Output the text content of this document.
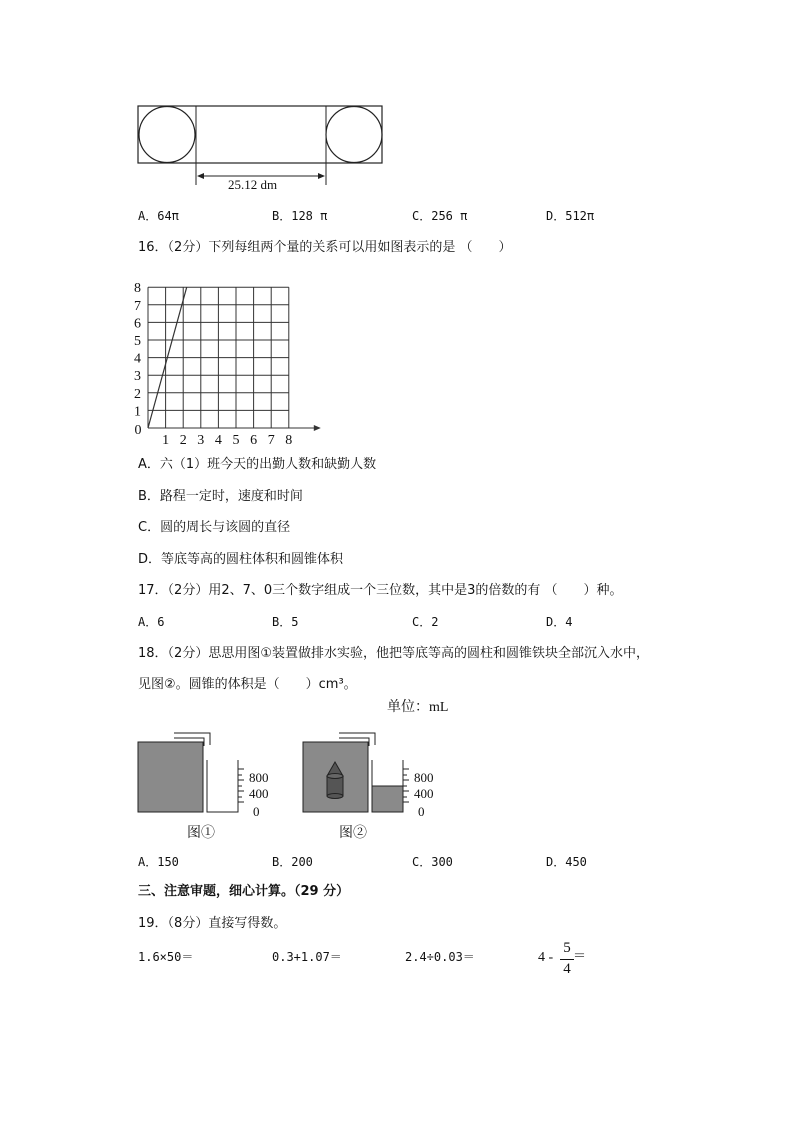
25.12 dm
A．64π	B．128 π	C．256 π	D．512π
16．（2分）下列每组两个量的关系可以用如图表示的是 （　　）
1 2 3 4 5 6 7 8
0
1
2
3
4
5
6
7
8
A．六（1）班今天的出勤人数和缺勤人数
B．路程一定时，速度和时间
C．圆的周长与该圆的直径
D．等底等高的圆柱体积和圆锥体积
17．（2分）用2、7、0三个数字组成一个三位数，其中是3的倍数的有 （　　）种。
A．6	B．5	C．2	D．4
18．（2分）思思用图①装置做排水实验，他把等底等高的圆柱和圆锥铁块全部沉入水中，
见图②。圆锥的体积是（　　）cm³。
单位：mL
800
400
0
800
400
0
图①	图②
A．150	B．200	C．300	D．450
三、注意审题，细心计算。（29 分）
19．（8分）直接写得数。
1.6×50＝	0.3+1.07＝	2.4÷0.03＝	4 -
5
4
＝
